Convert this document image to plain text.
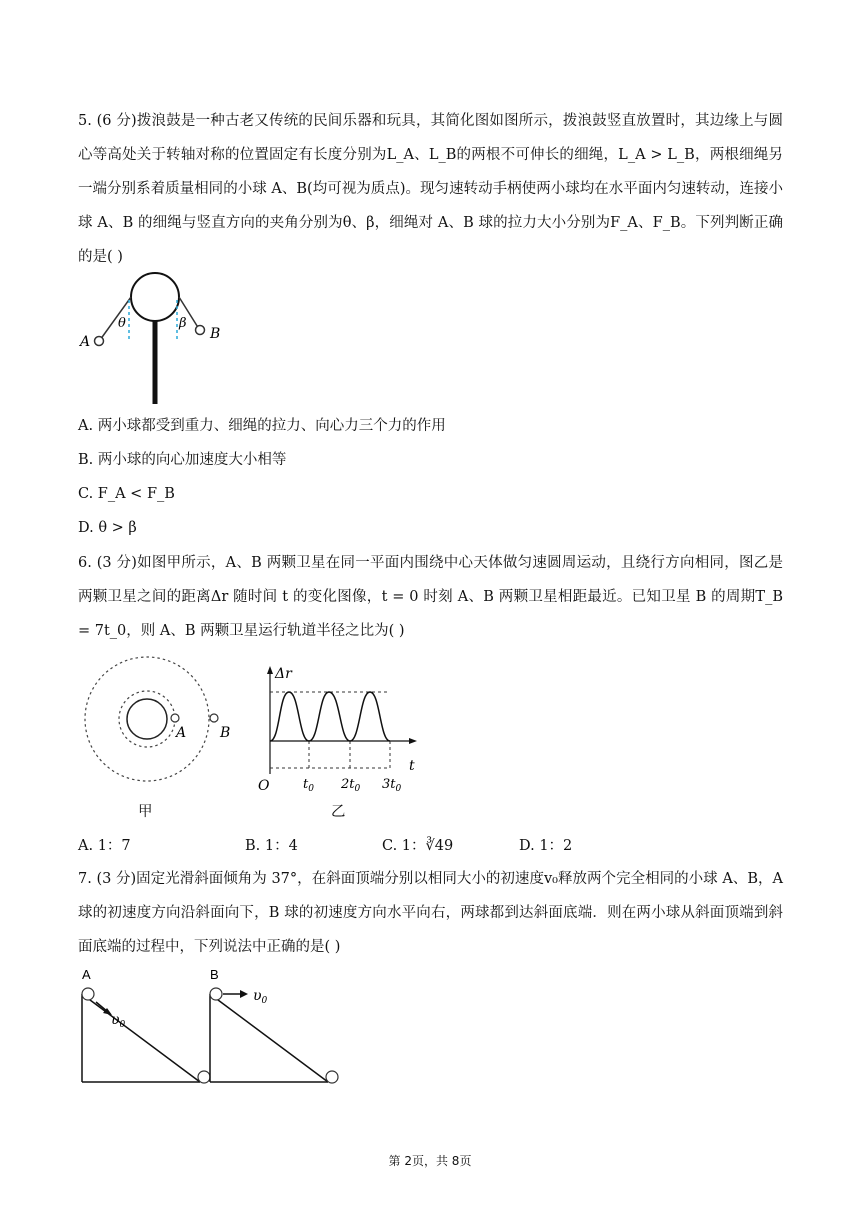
5. (6 分)拨浪鼓是一种古老又传统的民间乐器和玩具，其简化图如图所示，拨浪鼓竖直放置时，其边缘上与圆心等高处关于转轴对称的位置固定有长度分别为L_A、L_B的两根不可伸长的细绳，L_A > L_B，两根细绳另一端分别系着质量相同的小球 A、B(均可视为质点)。现匀速转动手柄使两小球均在水平面内匀速转动，连接小球 A、B 的细绳与竖直方向的夹角分别为θ、β，细绳对 A、B 球的拉力大小分别为F_A、F_B。下列判断正确的是( )

A	B
θ	β
A. 两小球都受到重力、细绳的拉力、向心力三个力的作用
B. 两小球的向心加速度大小相等
C. F_A < F_B
D. θ > β

6. (3 分)如图甲所示，A、B 两颗卫星在同一平面内围绕中心天体做匀速圆周运动，且绕行方向相同，图乙是两颗卫星之间的距离Δr 随时间 t 的变化图像，t = 0 时刻 A、B 两颗卫星相距最近。已知卫星 B 的周期T_B = 7t_0，则 A、B 两颗卫星运行轨道半径之比为( )

A B
甲
Δr
t
O	$t_0$ $2t_0$ $3t_0$
乙
A. 1：7	B. 1：4	C. 1：∛49	D. 1：2

7. (3 分)固定光滑斜面倾角为 37°，在斜面顶端分别以相同大小的初速度v₀释放两个完全相同的小球 A、B，A 球的初速度方向沿斜面向下，B 球的初速度方向水平向右，两球都到达斜面底端．则在两小球从斜面顶端到斜面底端的过程中，下列说法中正确的是( )

A
$\upsilon_0$
B
$\upsilon_0$
第 2页，共 8页
